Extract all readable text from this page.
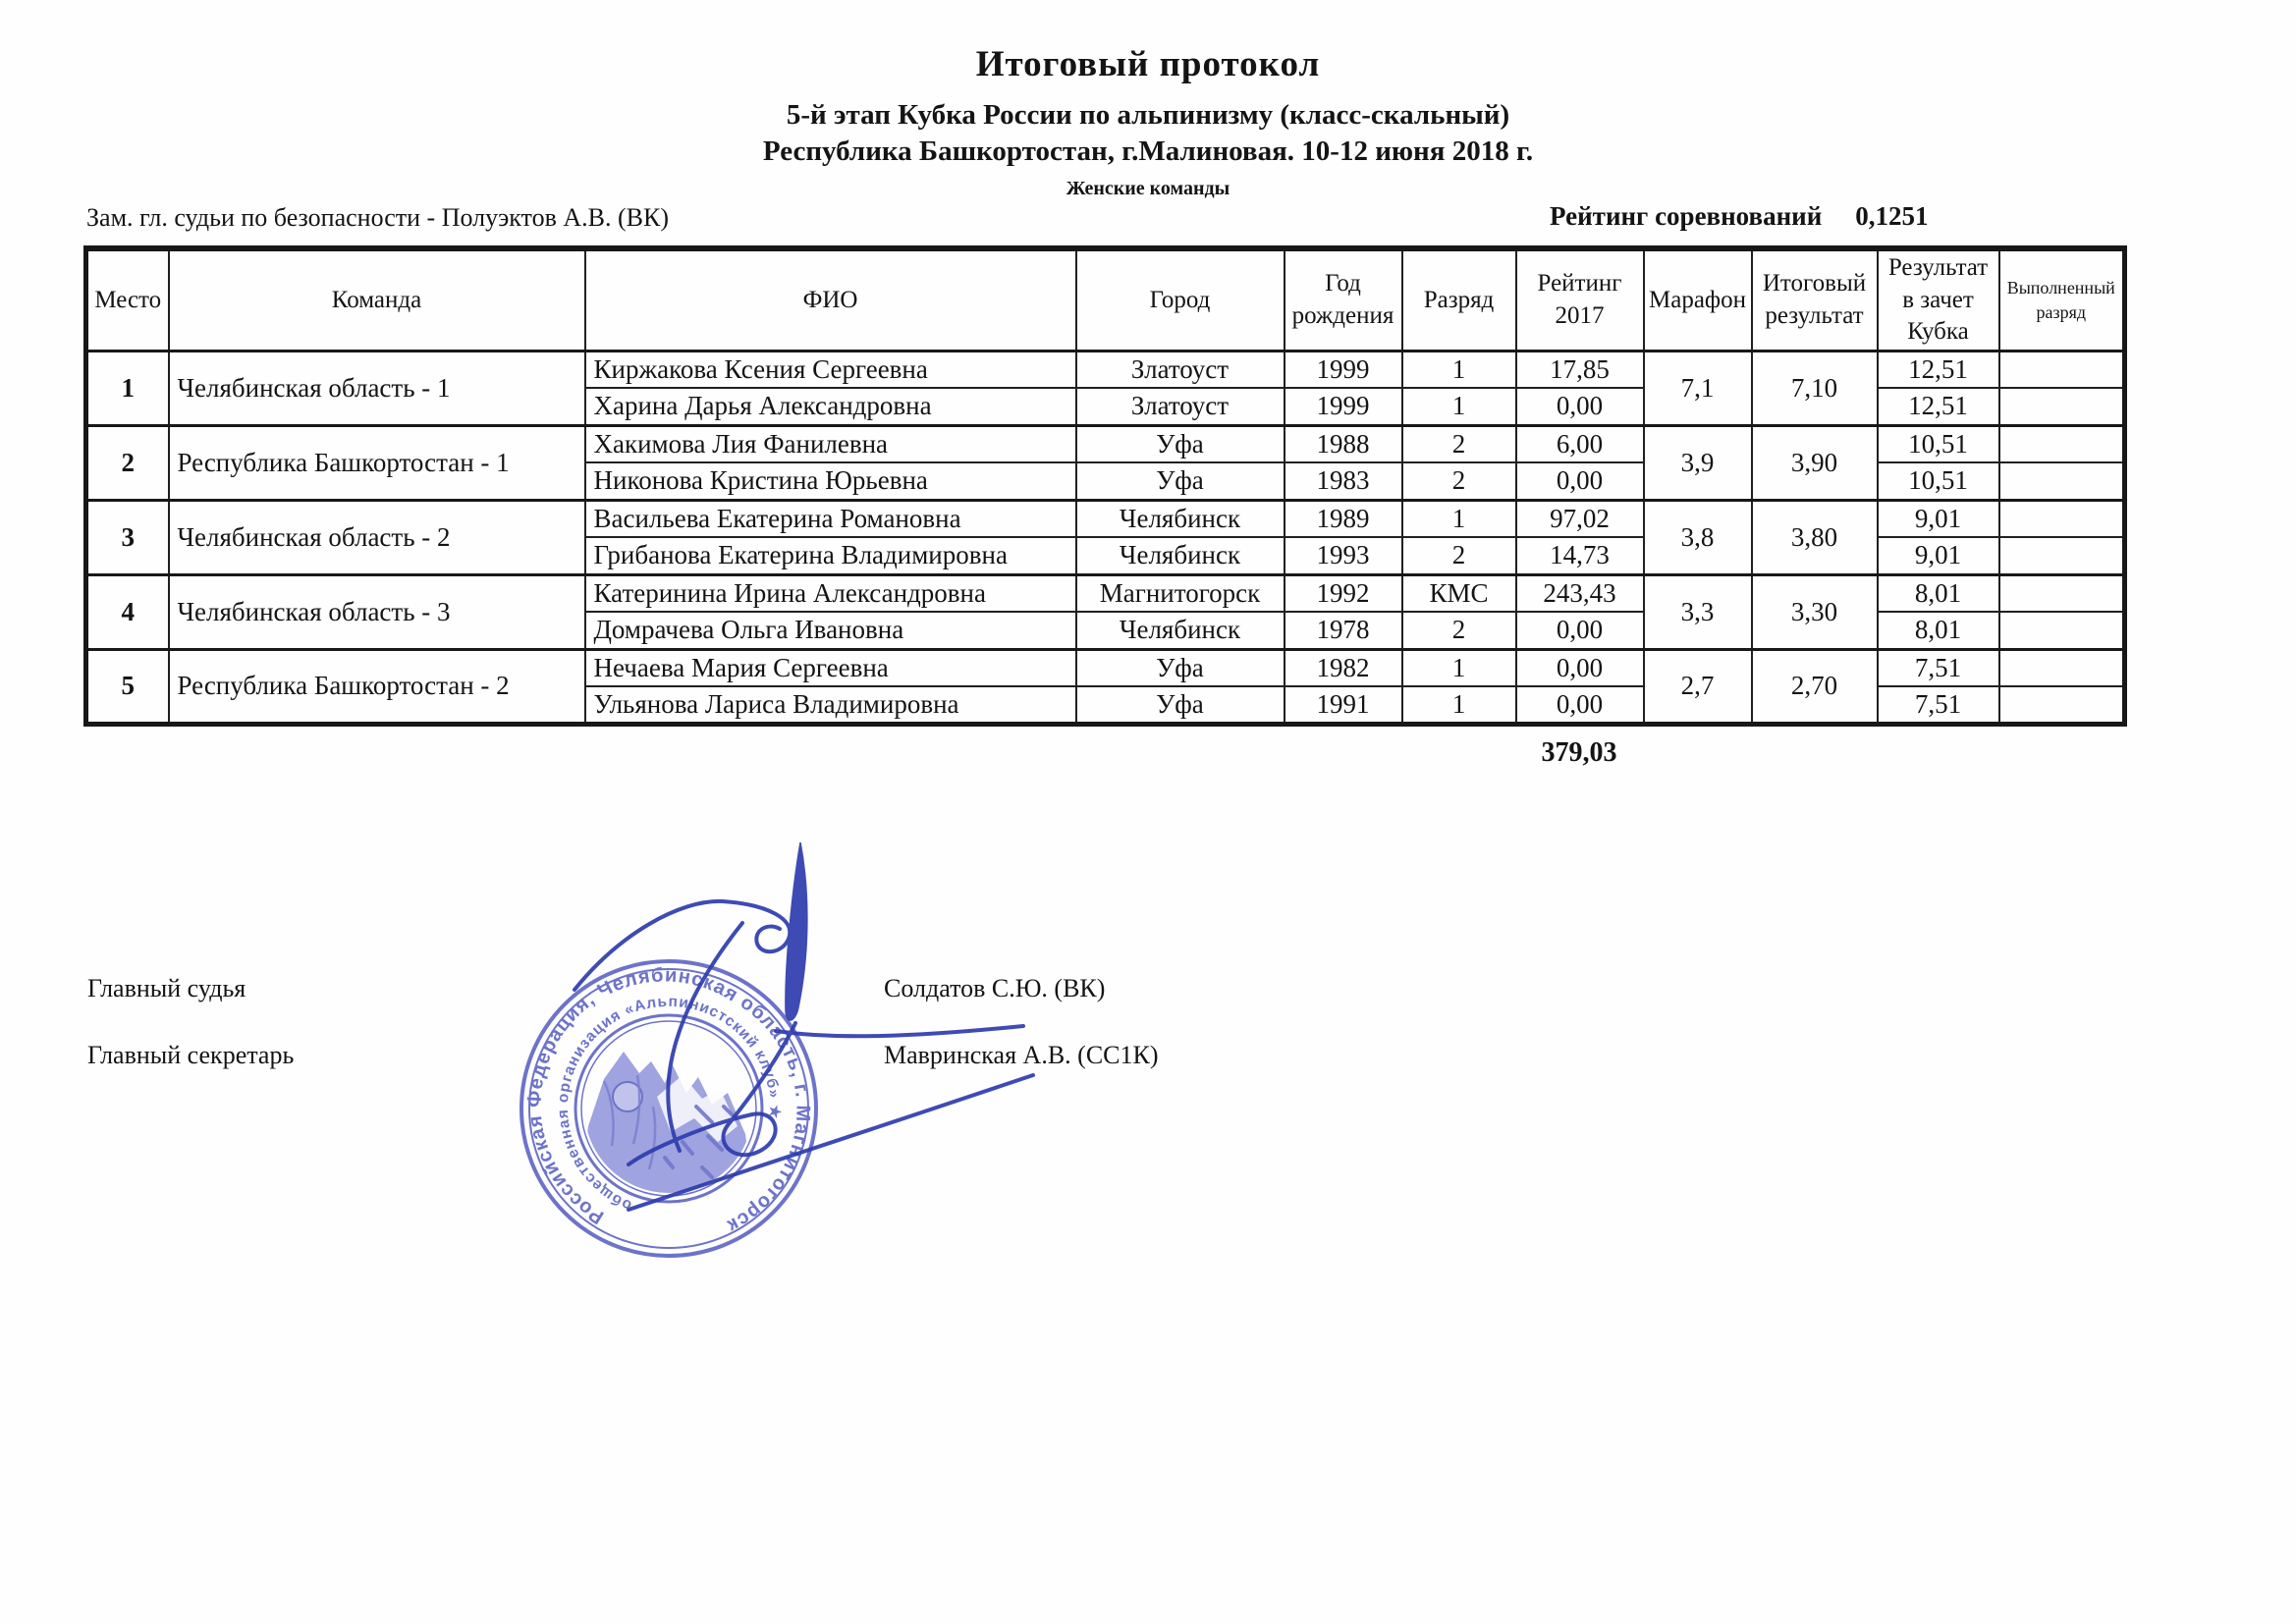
Итоговый протокол
5-й этап Кубка России по альпинизму (класс-скальный)
Республика Башкортостан, г.Малиновая. 10-12 июня 2018 г.
Женские команды
Зам. гл. судьи по безопасности - Полуэктов А.В. (ВК)	Рейтинг соревнований 0,1251
Место	Команда	ФИО	Город	Год рождения	Разряд	Рейтинг 2017	Марафон	Итоговый результат	Результат в зачет Кубка	Выполненный разряд
1	Челябинская область - 1	Киржакова Ксения Сергеевна	Златоуст	1999	1	17,85	7,1	7,10	12,51	
		Харина Дарья Александровна	Златоуст	1999	1	0,00			12,51	
2	Республика Башкортостан - 1	Хакимова Лия Фанилевна	Уфа	1988	2	6,00	3,9	3,90	10,51	
		Никонова Кристина Юрьевна	Уфа	1983	2	0,00			10,51	
3	Челябинская область - 2	Васильева Екатерина Романовна	Челябинск	1989	1	97,02	3,8	3,80	9,01	
		Грибанова Екатерина Владимировна	Челябинск	1993	2	14,73			9,01	
4	Челябинская область - 3	Катеринина Ирина Александровна	Магнитогорск	1992	КМС	243,43	3,3	3,30	8,01	
		Домрачева Ольга Ивановна	Челябинск	1978	2	0,00			8,01	
5	Республика Башкортостан - 2	Нечаева Мария Сергеевна	Уфа	1982	1	0,00	2,7	2,70	7,51	
		Ульянова Лариса Владимировна	Уфа	1991	1	0,00			7,51	
379,03
Российская Федерация, Челябинская область, г. Магнитогорск
общественная организация «Альпинистский клуб» ★
Главный судья	Солдатов С.Ю. (ВК)
Главный секретарь	Мавринская А.В. (СС1К)
